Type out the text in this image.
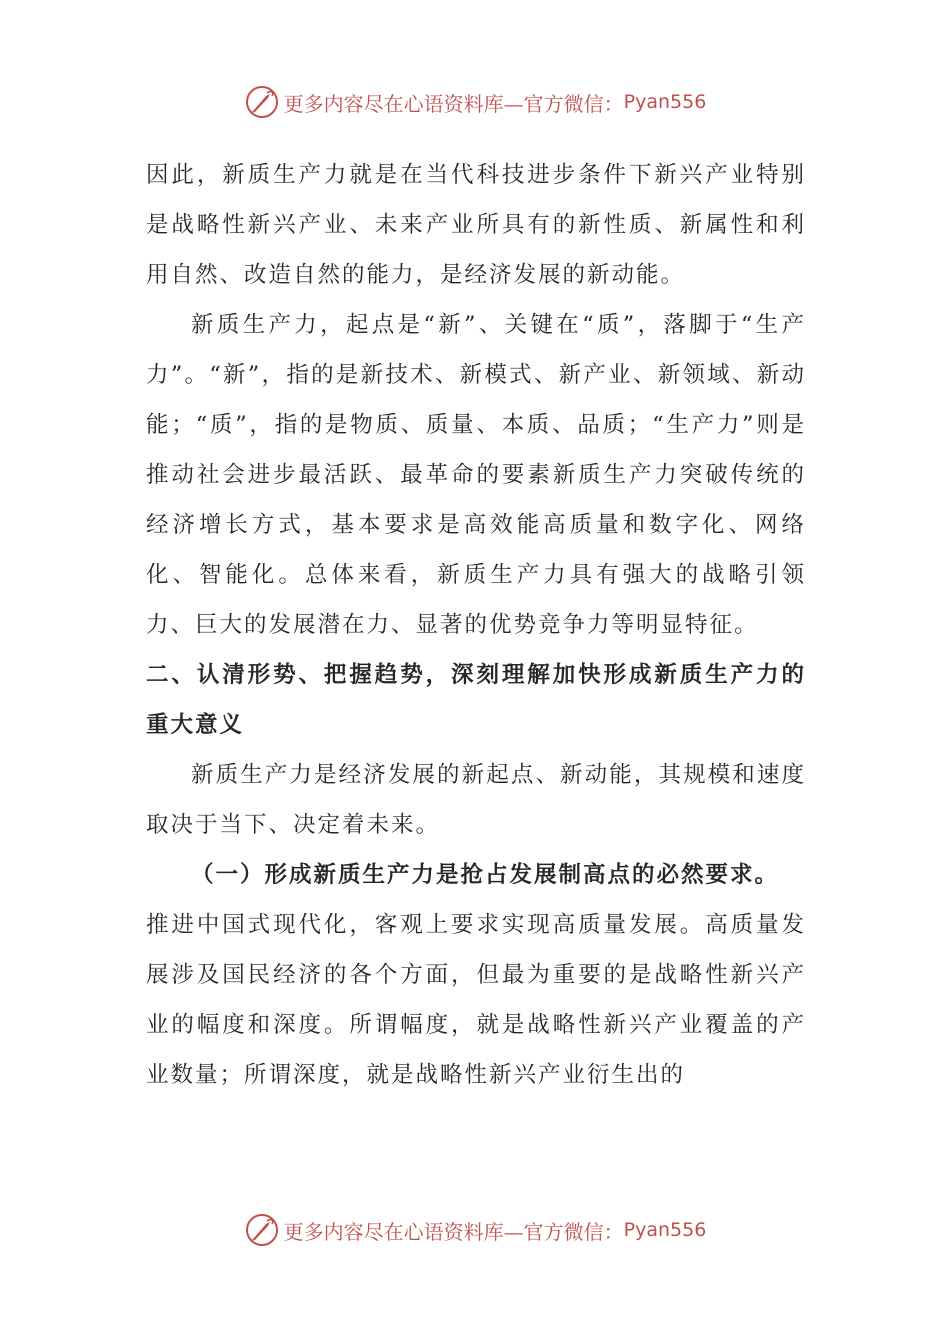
更多内容尽在心语资料库—官方微信： Pyan556

因此，新质生产力就是在当代科技进步条件下新兴产业特别是战略性新兴产业、未来产业所具有的新性质、新属性和利用自然、改造自然的能力，是经济发展的新动能。

新质生产力，起点是“新”、关键在“质”，落脚于“生产力”。“新”，指的是新技术、新模式、新产业、新领域、新动能；“质”，指的是物质、质量、本质、品质；“生产力”则是推动社会进步最活跃、最革命的要素新质生产力突破传统的经济增长方式，基本要求是高效能高质量和数字化、网络化、智能化。总体来看，新质生产力具有强大的战略引领力、巨大的发展潜在力、显著的优势竞争力等明显特征。

二、认清形势、把握趋势，深刻理解加快形成新质生产力的重大意义

新质生产力是经济发展的新起点、新动能，其规模和速度取决于当下、决定着未来。

（一）形成新质生产力是抢占发展制高点的必然要求。

推进中国式现代化，客观上要求实现高质量发展。高质量发展涉及国民经济的各个方面，但最为重要的是战略性新兴产业的幅度和深度。所谓幅度，就是战略性新兴产业覆盖的产业数量；所谓深度，就是战略性新兴产业衍生出的

更多内容尽在心语资料库—官方微信： Pyan556
